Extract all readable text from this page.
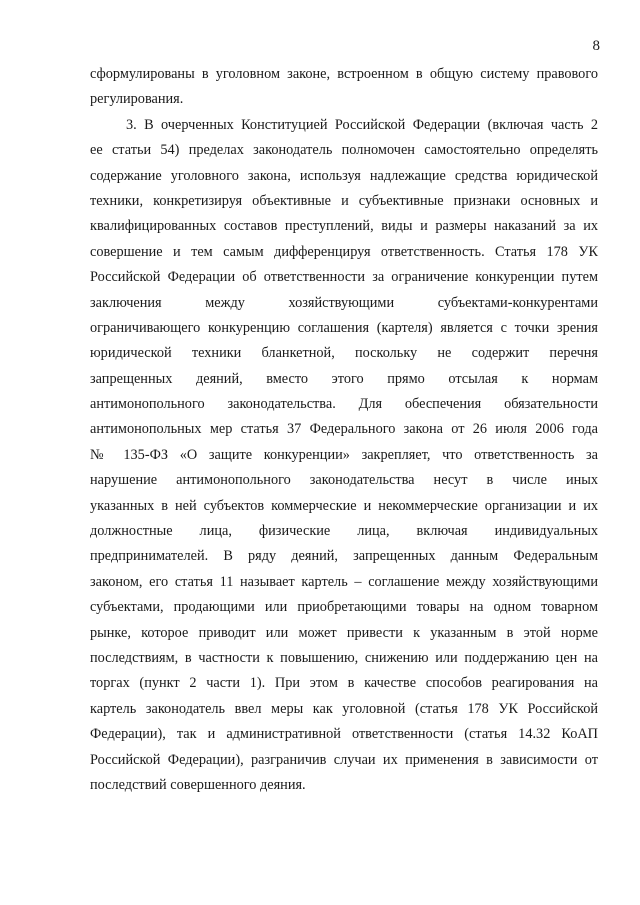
8

сформулированы в уголовном законе, встроенном в общую систему правового
регулирования.

3. В очерченных Конституцией Российской Федерации (включая часть 2
ее статьи 54) пределах законодатель полномочен самостоятельно определять
содержание уголовного закона, используя надлежащие средства юридической
техники, конкретизируя объективные и субъективные признаки основных и
квалифицированных составов преступлений, виды и размеры наказаний за их
совершение и тем самым дифференцируя ответственность. Статья 178 УК
Российской Федерации об ответственности за ограничение конкуренции путем
заключения между хозяйствующими субъектами-конкурентами
ограничивающего конкуренцию соглашения (картеля) является с точки зрения
юридической техники бланкетной, поскольку не содержит перечня
запрещенных деяний, вместо этого прямо отсылая к нормам
антимонопольного законодательства. Для обеспечения обязательности
антимонопольных мер статья 37 Федерального закона от 26 июля 2006 года
№ 135-ФЗ «О защите конкуренции» закрепляет, что ответственность за
нарушение антимонопольного законодательства несут в числе иных
указанных в ней субъектов коммерческие и некоммерческие организации и их
должностные лица, физические лица, включая индивидуальных
предпринимателей. В ряду деяний, запрещенных данным Федеральным
законом, его статья 11 называет картель – соглашение между хозяйствующими
субъектами, продающими или приобретающими товары на одном товарном
рынке, которое приводит или может привести к указанным в этой норме
последствиям, в частности к повышению, снижению или поддержанию цен на
торгах (пункт 2 части 1). При этом в качестве способов реагирования на
картель законодатель ввел меры как уголовной (статья 178 УК Российской
Федерации), так и административной ответственности (статья 14.32 КоАП
Российской Федерации), разграничив случаи их применения в зависимости от
последствий совершенного деяния.
